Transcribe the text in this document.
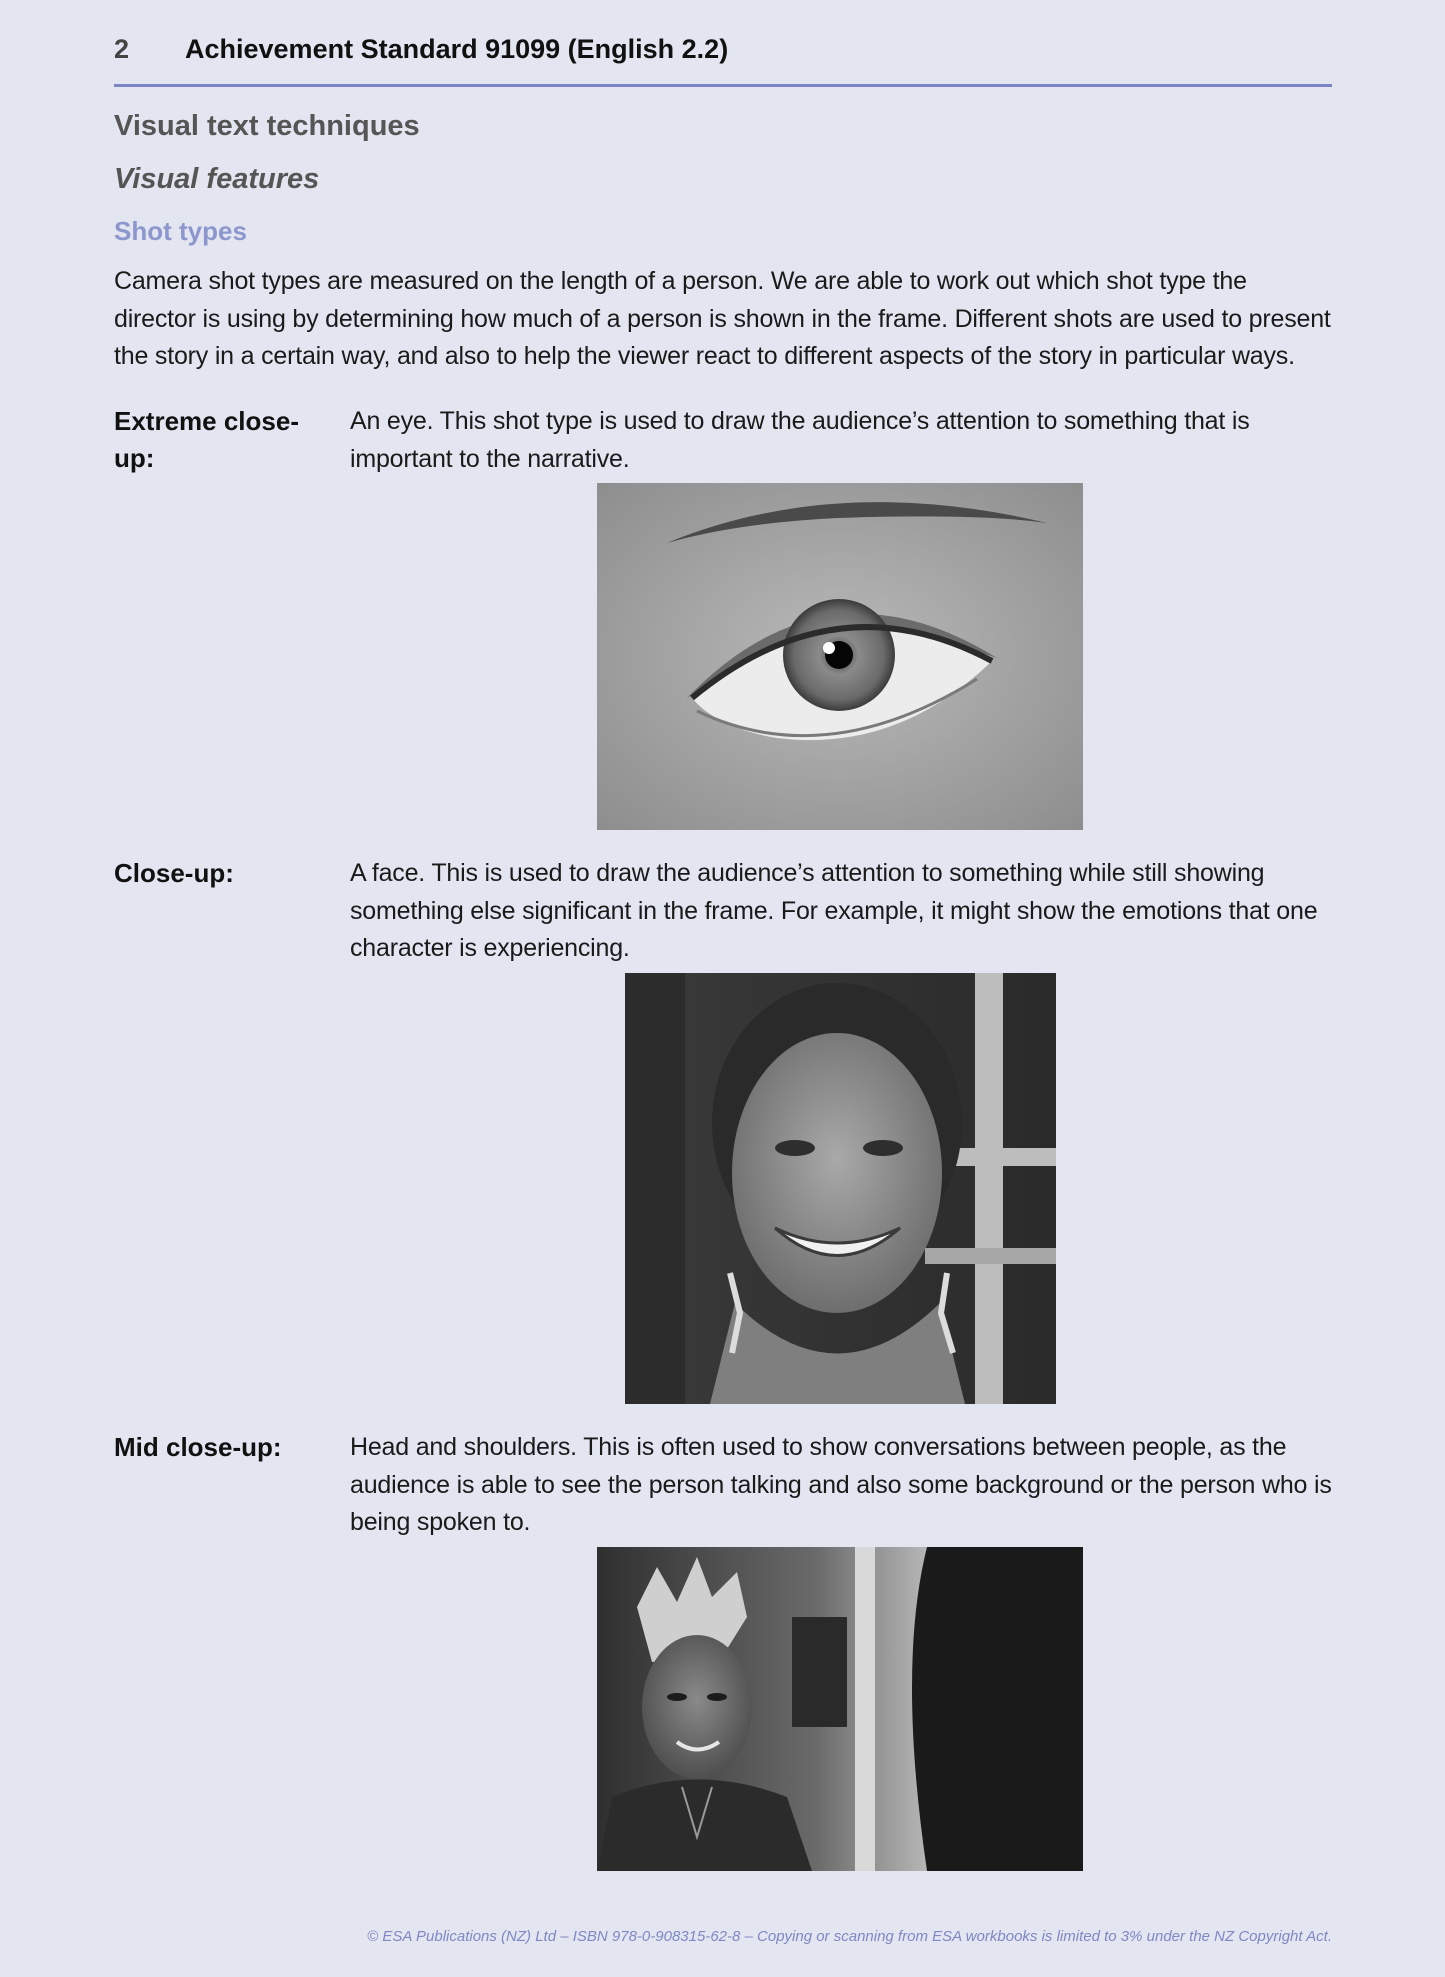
2 Achievement Standard 91099 (English 2.2)
Visual text techniques
Visual features
Shot types
Camera shot types are measured on the length of a person. We are able to work out which shot type the director is using by determining how much of a person is shown in the frame. Different shots are used to present the story in a certain way, and also to help the viewer react to different aspects of the story in particular ways.
Extreme close-up:
An eye. This shot type is used to draw the audience’s attention to something that is important to the narrative.
Close-up:	A face. This is used to draw the audience’s attention to something while still showing something else significant in the frame. For example, it might show the emotions that one character is experiencing.
Mid close-up:	Head and shoulders. This is often used to show conversations between people, as the audience is able to see the person talking and also some background or the person who is being spoken to.
© ESA Publications (NZ) Ltd – ISBN 978-0-908315-62-8 – Copying or scanning from ESA workbooks is limited to 3% under the NZ Copyright Act.
